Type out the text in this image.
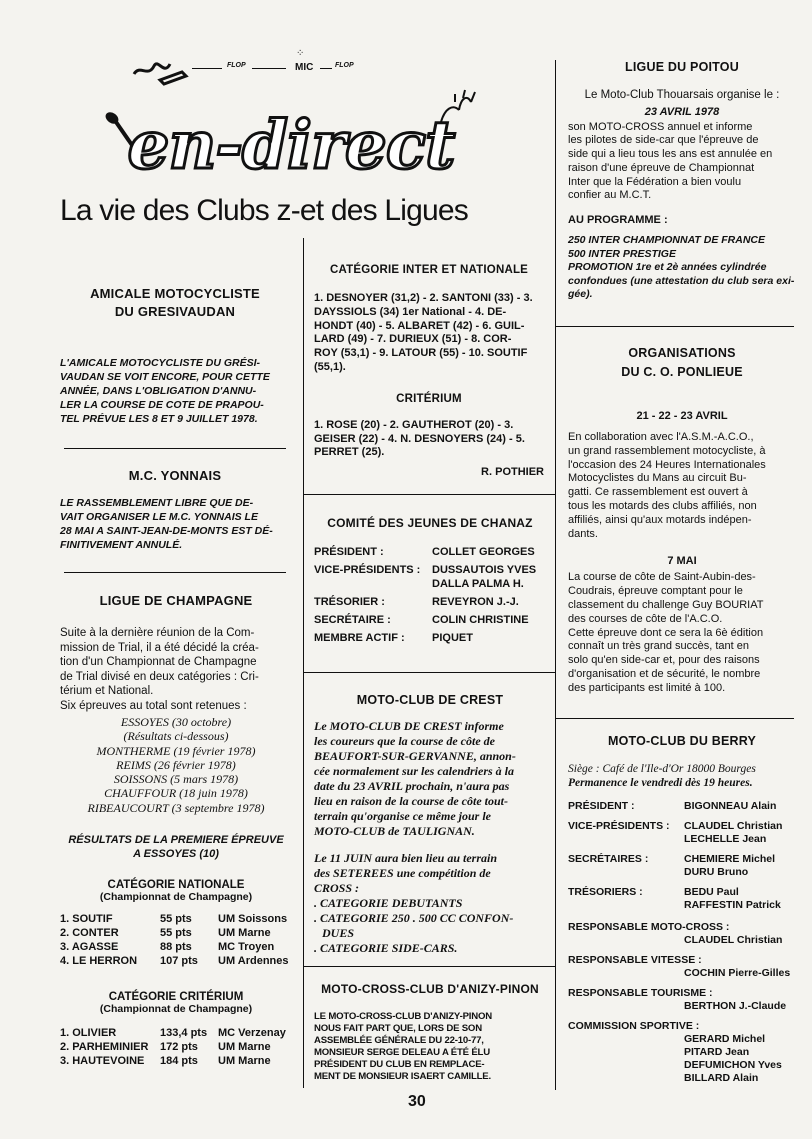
FLOP	MIC
⁘
FLOP
en-direct
La vie des Clubs z-et des Ligues
AMICALE MOTOCYCLISTE
DU GRESIVAUDAN
L'AMICALE MOTOCYCLISTE DU GRÉSI-
VAUDAN SE VOIT ENCORE, POUR CETTE
ANNÉE, DANS L'OBLIGATION D'ANNU-
LER LA COURSE DE COTE DE PRAPOU-
TEL PRÉVUE LES 8 ET 9 JUILLET 1978.
M.C. YONNAIS
LE RASSEMBLEMENT LIBRE QUE DE-
VAIT ORGANISER LE M.C. YONNAIS LE
28 MAI A SAINT-JEAN-DE-MONTS EST DÉ-
FINITIVEMENT ANNULÉ.
LIGUE DE CHAMPAGNE
Suite à la dernière réunion de la Com-
mission de Trial, il a été décidé la créa-
tion d'un Championnat de Champagne
de Trial divisé en deux catégories : Cri-
térium et National.
Six épreuves au total sont retenues :
ESSOYES (30 octobre)
(Résultats ci-dessous)
MONTHERME (19 février 1978)
REIMS (26 février 1978)
SOISSONS (5 mars 1978)
CHAUFFOUR (18 juin 1978)
RIBEAUCOURT (3 septembre 1978)
RÉSULTATS DE LA PREMIERE ÉPREUVE
A ESSOYES (10)
CATÉGORIE NATIONALE
(Championnat de Champagne)
1. SOUTIF	55 pts	UM Soissons
2. CONTER	55 pts	UM Marne
3. AGASSE	88 pts	MC Troyen
4. LE HERRON	107 pts	UM Ardennes
CATÉGORIE CRITÉRIUM
(Championnat de Champagne)
1. OLIVIER	133,4 pts	MC Verzenay
2. PARHEMINIER	172 pts	UM Marne
3. HAUTEVOINE	184 pts	UM Marne
CATÉGORIE INTER ET NATIONALE
1. DESNOYER (31,2) - 2. SANTONI (33) - 3.
DAYSSIOLS (34) 1er National - 4. DE-
HONDT (40) - 5. ALBARET (42) - 6. GUIL-
LARD (49) - 7. DURIEUX (51) - 8. COR-
ROY (53,1) - 9. LATOUR (55) - 10. SOUTIF
(55,1).
CRITÉRIUM
1. ROSE (20) - 2. GAUTHEROT (20) - 3.
GEISER (22) - 4. N. DESNOYERS (24) - 5.
PERRET (25).
R. POTHIER
COMITÉ DES JEUNES DE CHANAZ
PRÉSIDENT :	COLLET GEORGES
VICE-PRÉSIDENTS :	DUSSAUTOIS YVES
	DALLA PALMA H.
TRÉSORIER :	REVEYRON J.-J.
SECRÉTAIRE :	COLIN CHRISTINE
MEMBRE ACTIF :	PIQUET
MOTO-CLUB DE CREST
Le MOTO-CLUB DE CREST informe
les coureurs que la course de côte de
BEAUFORT-SUR-GERVANNE, annon-
cée normalement sur les calendriers à la
date du 23 AVRIL prochain, n'aura pas
lieu en raison de la course de côte tout-
terrain qu'organise ce même jour le
MOTO-CLUB de TAULIGNAN.
Le 11 JUIN aura bien lieu au terrain
des SETEREES une compétition de
CROSS :
. CATEGORIE DEBUTANTS
. CATEGORIE 250 . 500 CC CONFON-
DUES
. CATEGORIE SIDE-CARS.
MOTO-CROSS-CLUB D'ANIZY-PINON
LE MOTO-CROSS-CLUB D'ANIZY-PINON
NOUS FAIT PART QUE, LORS DE SON
ASSEMBLÉE GÉNÉRALE DU 22-10-77,
MONSIEUR SERGE DELEAU A ÉTÉ ÉLU
PRÉSIDENT DU CLUB EN REMPLACE-
MENT DE MONSIEUR ISAERT CAMILLE.
30
LIGUE DU POITOU
Le Moto-Club Thouarsais organise le :
23 AVRIL 1978
son MOTO-CROSS annuel et informe
les pilotes de side-car que l'épreuve de
side qui a lieu tous les ans est annulée en
raison d'une épreuve de Championnat
Inter que la Fédération a bien voulu
confier au M.C.T.
AU PROGRAMME :
250 INTER CHAMPIONNAT DE FRANCE
500 INTER PRESTIGE
PROMOTION 1re et 2è années cylindrée
confondues (une attestation du club sera exi-
gée).
ORGANISATIONS
DU C. O. PONLIEUE
21 - 22 - 23 AVRIL
En collaboration avec l'A.S.M.-A.C.O.,
un grand rassemblement motocycliste, à
l'occasion des 24 Heures Internationales
Motocyclistes du Mans au circuit Bu-
gatti. Ce rassemblement est ouvert à
tous les motards des clubs affiliés, non
affiliés, ainsi qu'aux motards indépen-
dants.
7 MAI
La course de côte de Saint-Aubin-des-
Coudrais, épreuve comptant pour le
classement du challenge Guy BOURIAT
des courses de côte de l'A.C.O.
Cette épreuve dont ce sera la 6è édition
connaît un très grand succès, tant en
solo qu'en side-car et, pour des raisons
d'organisation et de sécurité, le nombre
des participants est limité à 100.
MOTO-CLUB DU BERRY
Siège : Café de l'Ile-d'Or 18000 Bourges
Permanence le vendredi dès 19 heures.
PRÉSIDENT :	BIGONNEAU Alain

VICE-PRÉSIDENTS :	CLAUDEL Christian
LECHELLE Jean

SECRÉTAIRES :	CHEMIERE Michel
DURU Bruno

TRÉSORIERS :	BEDU Paul
RAFFESTIN Patrick
RESPONSABLE MOTO-CROSS :
CLAUDEL Christian
RESPONSABLE VITESSE :
COCHIN Pierre-Gilles
RESPONSABLE TOURISME :
BERTHON J.-Claude
COMMISSION SPORTIVE :
GERARD Michel
PITARD Jean
DEFUMICHON Yves
BILLARD Alain
